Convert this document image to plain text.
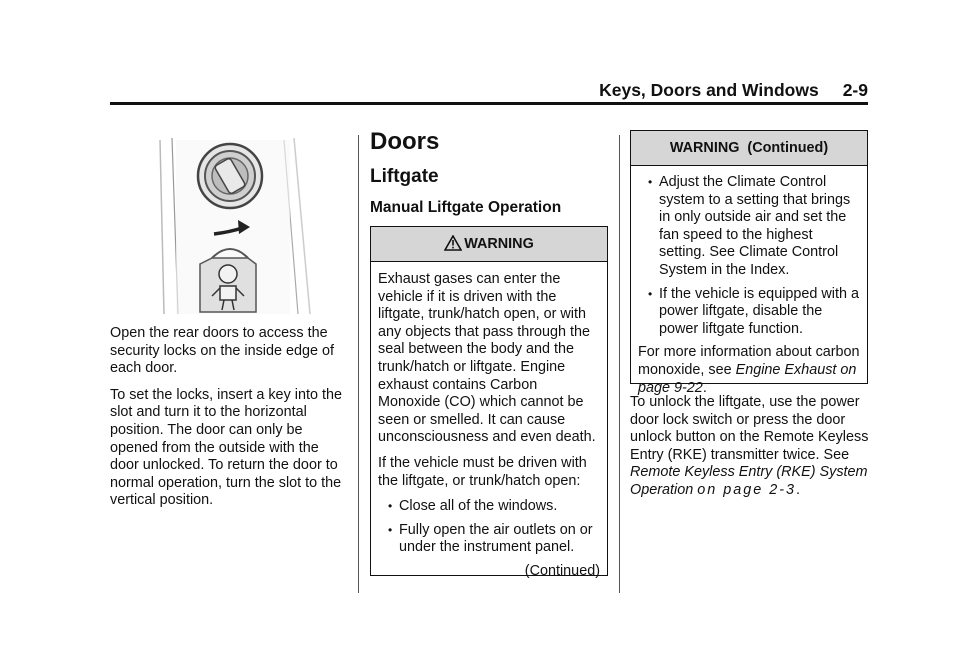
Keys, Doors and Windows 2-9

Open the rear doors to access the security locks on the inside edge of each door.

To set the locks, insert a key into the slot and turn it to the horizontal position. The door can only be opened from the outside with the door unlocked. To return the door to normal operation, turn the slot to the vertical position.

Doors
Liftgate
Manual Liftgate Operation
WARNING

Exhaust gases can enter the vehicle if it is driven with the liftgate, trunk/hatch open, or with any objects that pass through the seal between the body and the trunk/hatch or liftgate. Engine exhaust contains Carbon Monoxide (CO) which cannot be seen or smelled. It can cause unconsciousness and even death.

If the vehicle must be driven with the liftgate, or trunk/hatch open:

• Close all of the windows.
• Fully open the air outlets on or under the instrument panel.
(Continued)
WARNING  (Continued)
• Adjust the Climate Control system to a setting that brings in only outside air and set the fan speed to the highest setting. See Climate Control System in the Index.
• If the vehicle is equipped with a power liftgate, disable the power liftgate function.

For more information about carbon monoxide, see Engine Exhaust on page 9-22.

To unlock the liftgate, use the power door lock switch or press the door unlock button on the Remote Keyless Entry (RKE) transmitter twice. See Remote Keyless Entry (RKE) System Operation on page 2-3.
